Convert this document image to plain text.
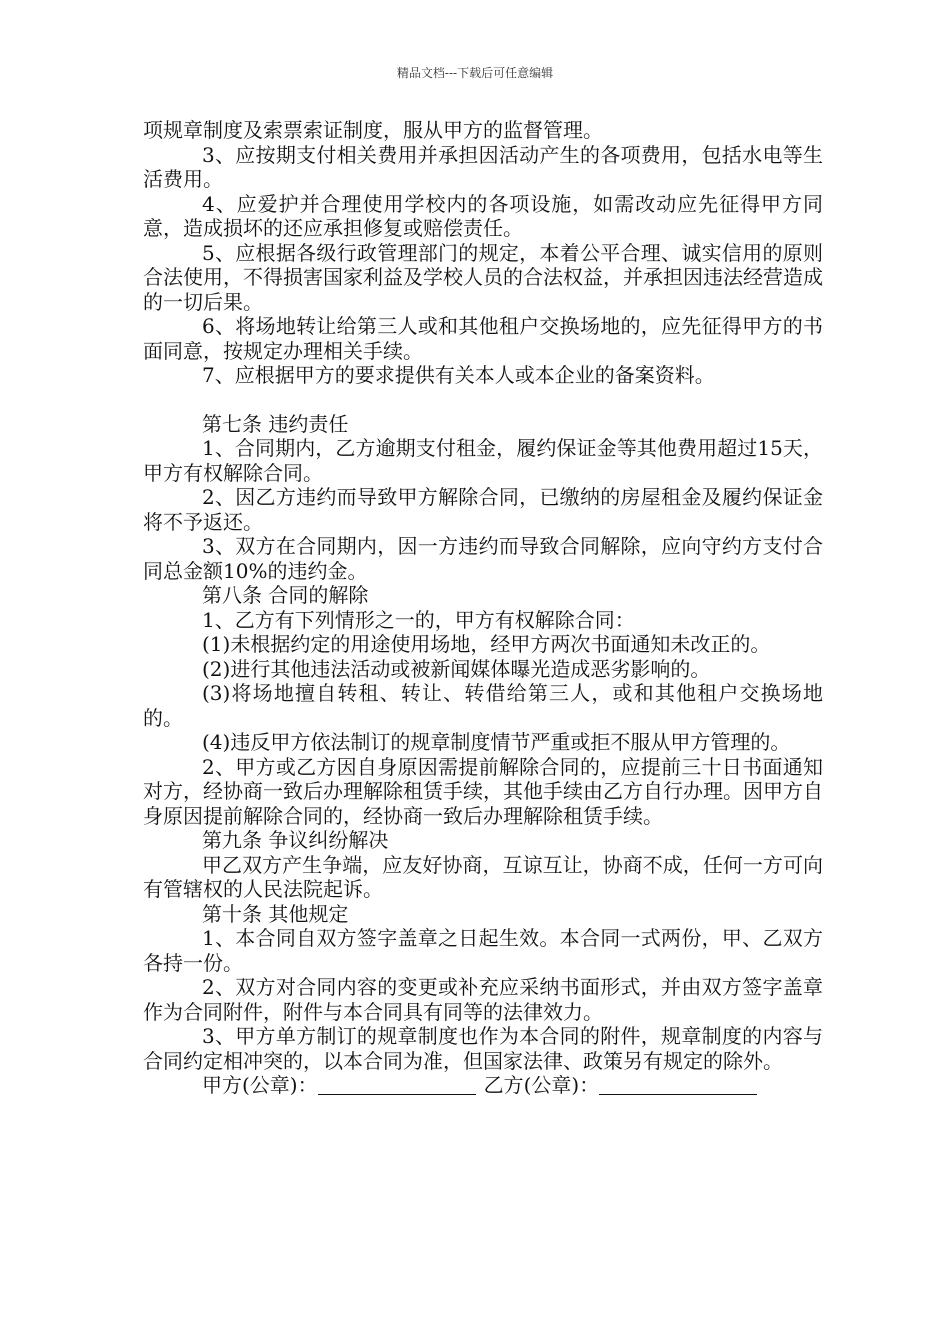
精品文档---下载后可任意编辑

项规章制度及索票索证制度，服从甲方的监督管理。

3、应按期支付相关费用并承担因活动产生的各项费用，包括水电等生活费用。

4、应爱护并合理使用学校内的各项设施，如需改动应先征得甲方同意，造成损坏的还应承担修复或赔偿责任。

5、应根据各级行政管理部门的规定，本着公平合理、诚实信用的原则合法使用，不得损害国家利益及学校人员的合法权益，并承担因违法经营造成的一切后果。

6、将场地转让给第三人或和其他租户交换场地的，应先征得甲方的书面同意，按规定办理相关手续。

7、应根据甲方的要求提供有关本人或本企业的备案资料。

第七条 违约责任

1、合同期内，乙方逾期支付租金，履约保证金等其他费用超过15天，甲方有权解除合同。

2、因乙方违约而导致甲方解除合同，已缴纳的房屋租金及履约保证金将不予返还。

3、双方在合同期内，因一方违约而导致合同解除，应向守约方支付合同总金额10%的违约金。

第八条 合同的解除

1、乙方有下列情形之一的，甲方有权解除合同：

(1)未根据约定的用途使用场地，经甲方两次书面通知未改正的。

(2)进行其他违法活动或被新闻媒体曝光造成恶劣影响的。

(3)将场地擅自转租、转让、转借给第三人，或和其他租户交换场地的。

(4)违反甲方依法制订的规章制度情节严重或拒不服从甲方管理的。

2、甲方或乙方因自身原因需提前解除合同的，应提前三十日书面通知对方，经协商一致后办理解除租赁手续，其他手续由乙方自行办理。因甲方自身原因提前解除合同的，经协商一致后办理解除租赁手续。

第九条 争议纠纷解决

甲乙双方产生争端，应友好协商，互谅互让，协商不成，任何一方可向有管辖权的人民法院起诉。

第十条 其他规定

1、本合同自双方签字盖章之日起生效。本合同一式两份，甲、乙双方各持一份。

2、双方对合同内容的变更或补充应采纳书面形式，并由双方签字盖章作为合同附件，附件与本合同具有同等的法律效力。

3、甲方单方制订的规章制度也作为本合同的附件，规章制度的内容与合同约定相冲突的，以本合同为准，但国家法律、政策另有规定的除外。

甲方(公章)：	乙方(公章)：
